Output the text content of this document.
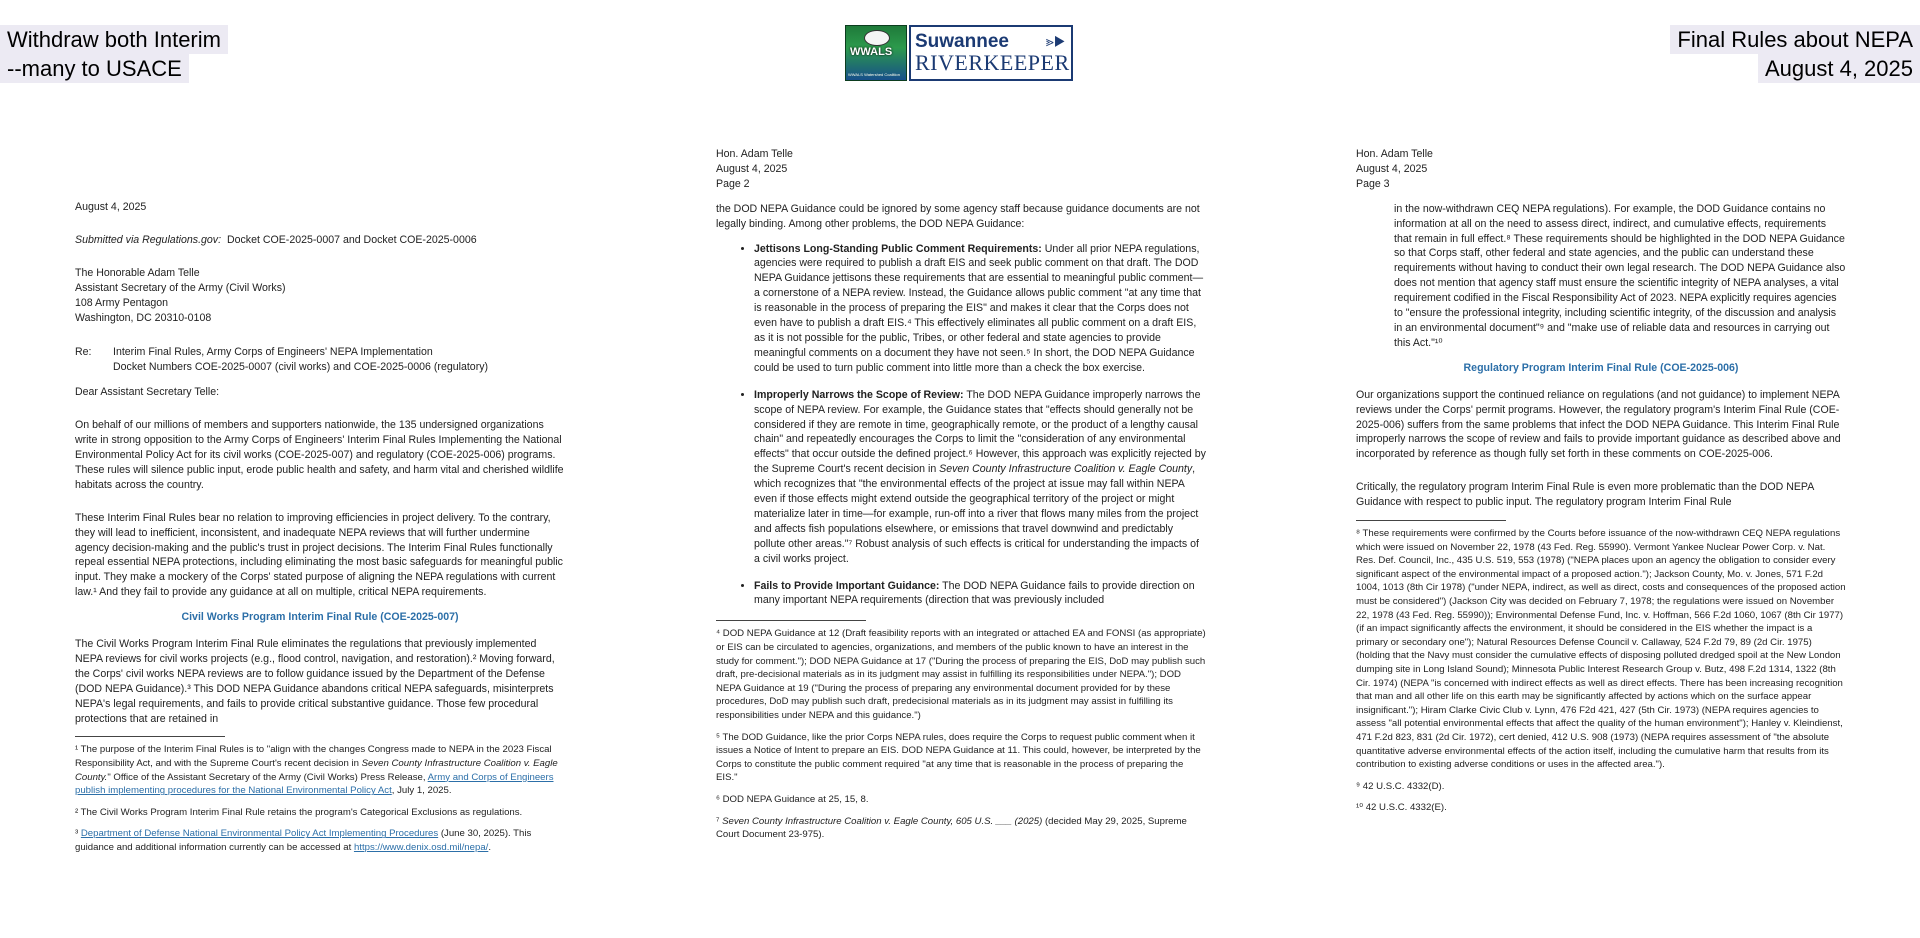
Withdraw both Interim
--many to USACE
Final Rules about NEPA
August 4, 2025
WWALS
WWALS Watershed Coalition
⪢▶
Suwannee
RIVERKEEPER

August 4, 2025

Submitted via Regulations.gov: Docket COE-2025-0007 and Docket COE-2025-0006

The Honorable Adam Telle
Assistant Secretary of the Army (Civil Works)
108 Army Pentagon
Washington, DC 20310-0108
Re:	Interim Final Rules, Army Corps of Engineers' NEPA Implementation
Docket Numbers COE-2025-0007 (civil works) and COE-2025-0006 (regulatory)

Dear Assistant Secretary Telle:

On behalf of our millions of members and supporters nationwide, the 135 undersigned organizations write in strong opposition to the Army Corps of Engineers' Interim Final Rules Implementing the National Environmental Policy Act for its civil works (COE-2025-007) and regulatory (COE-2025-006) programs. These rules will silence public input, erode public health and safety, and harm vital and cherished wildlife habitats across the country.

These Interim Final Rules bear no relation to improving efficiencies in project delivery. To the contrary, they will lead to inefficient, inconsistent, and inadequate NEPA reviews that will further undermine agency decision-making and the public's trust in project decisions. The Interim Final Rules functionally repeal essential NEPA protections, including eliminating the most basic safeguards for meaningful public input. They make a mockery of the Corps' stated purpose of aligning the NEPA regulations with current law.¹ And they fail to provide any guidance at all on multiple, critical NEPA requirements.

Civil Works Program Interim Final Rule (COE-2025-007)

The Civil Works Program Interim Final Rule eliminates the regulations that previously implemented NEPA reviews for civil works projects (e.g., flood control, navigation, and restoration).² Moving forward, the Corps' civil works NEPA reviews are to follow guidance issued by the Department of the Defense (DOD NEPA Guidance).³ This DOD NEPA Guidance abandons critical NEPA safeguards, misinterprets NEPA's legal requirements, and fails to provide critical substantive guidance. Those few procedural protections that are retained in

¹ The purpose of the Interim Final Rules is to "align with the changes Congress made to NEPA in the 2023 Fiscal Responsibility Act, and with the Supreme Court's recent decision in Seven County Infrastructure Coalition v. Eagle County." Office of the Assistant Secretary of the Army (Civil Works) Press Release, Army and Corps of Engineers publish implementing procedures for the National Environmental Policy Act, July 1, 2025.

² The Civil Works Program Interim Final Rule retains the program's Categorical Exclusions as regulations.

³ Department of Defense National Environmental Policy Act Implementing Procedures (June 30, 2025). This guidance and additional information currently can be accessed at https://www.denix.osd.mil/nepa/.

Hon. Adam Telle
August 4, 2025
Page 2

the DOD NEPA Guidance could be ignored by some agency staff because guidance documents are not legally binding. Among other problems, the DOD NEPA Guidance:

• Jettisons Long-Standing Public Comment Requirements: Under all prior NEPA regulations, agencies were required to publish a draft EIS and seek public comment on that draft. The DOD NEPA Guidance jettisons these requirements that are essential to meaningful public comment—a cornerstone of a NEPA review. Instead, the Guidance allows public comment "at any time that is reasonable in the process of preparing the EIS" and makes it clear that the Corps does not even have to publish a draft EIS.⁴ This effectively eliminates all public comment on a draft EIS, as it is not possible for the public, Tribes, or other federal and state agencies to provide meaningful comments on a document they have not seen.⁵ In short, the DOD NEPA Guidance could be used to turn public comment into little more than a check the box exercise.
• Improperly Narrows the Scope of Review: The DOD NEPA Guidance improperly narrows the scope of NEPA review. For example, the Guidance states that "effects should generally not be considered if they are remote in time, geographically remote, or the product of a lengthy causal chain" and repeatedly encourages the Corps to limit the "consideration of any environmental effects" that occur outside the defined project.⁶ However, this approach was explicitly rejected by the Supreme Court's recent decision in Seven County Infrastructure Coalition v. Eagle County, which recognizes that "the environmental effects of the project at issue may fall within NEPA even if those effects might extend outside the geographical territory of the project or might materialize later in time—for example, run-off into a river that flows many miles from the project and affects fish populations elsewhere, or emissions that travel downwind and predictably pollute other areas."⁷ Robust analysis of such effects is critical for understanding the impacts of a civil works project.
• Fails to Provide Important Guidance: The DOD NEPA Guidance fails to provide direction on many important NEPA requirements (direction that was previously included

⁴ DOD NEPA Guidance at 12 (Draft feasibility reports with an integrated or attached EA and FONSI (as appropriate) or EIS can be circulated to agencies, organizations, and members of the public known to have an interest in the study for comment."); DOD NEPA Guidance at 17 ("During the process of preparing the EIS, DoD may publish such draft, pre-decisional materials as in its judgment may assist in fulfilling its responsibilities under NEPA."); DOD NEPA Guidance at 19 ("During the process of preparing any environmental document provided for by these procedures, DoD may publish such draft, predecisional materials as in its judgment may assist in fulfilling its responsibilities under NEPA and this guidance.")

⁵ The DOD Guidance, like the prior Corps NEPA rules, does require the Corps to request public comment when it issues a Notice of Intent to prepare an EIS. DOD NEPA Guidance at 11. This could, however, be interpreted by the Corps to constitute the public comment required "at any time that is reasonable in the process of preparing the EIS."

⁶ DOD NEPA Guidance at 25, 15, 8.

⁷ Seven County Infrastructure Coalition v. Eagle County, 605 U.S. ___ (2025) (decided May 29, 2025, Supreme Court Document 23-975).

Hon. Adam Telle
August 4, 2025
Page 3

in the now-withdrawn CEQ NEPA regulations). For example, the DOD Guidance contains no information at all on the need to assess direct, indirect, and cumulative effects, requirements that remain in full effect.⁸ These requirements should be highlighted in the DOD NEPA Guidance so that Corps staff, other federal and state agencies, and the public can understand these requirements without having to conduct their own legal research. The DOD NEPA Guidance also does not mention that agency staff must ensure the scientific integrity of NEPA analyses, a vital requirement codified in the Fiscal Responsibility Act of 2023. NEPA explicitly requires agencies to "ensure the professional integrity, including scientific integrity, of the discussion and analysis in an environmental document"⁹ and "make use of reliable data and resources in carrying out this Act."¹⁰

Regulatory Program Interim Final Rule (COE-2025-006)

Our organizations support the continued reliance on regulations (and not guidance) to implement NEPA reviews under the Corps' permit programs. However, the regulatory program's Interim Final Rule (COE-2025-006) suffers from the same problems that infect the DOD NEPA Guidance. This Interim Final Rule improperly narrows the scope of review and fails to provide important guidance as described above and incorporated by reference as though fully set forth in these comments on COE-2025-006.

Critically, the regulatory program Interim Final Rule is even more problematic than the DOD NEPA Guidance with respect to public input. The regulatory program Interim Final Rule

⁸ These requirements were confirmed by the Courts before issuance of the now-withdrawn CEQ NEPA regulations which were issued on November 22, 1978 (43 Fed. Reg. 55990). Vermont Yankee Nuclear Power Corp. v. Nat. Res. Def. Council, Inc., 435 U.S. 519, 553 (1978) ("NEPA places upon an agency the obligation to consider every significant aspect of the environmental impact of a proposed action."); Jackson County, Mo. v. Jones, 571 F.2d 1004, 1013 (8th Cir 1978) ("under NEPA, indirect, as well as direct, costs and consequences of the proposed action must be considered") (Jackson City was decided on February 7, 1978; the regulations were issued on November 22, 1978 (43 Fed. Reg. 55990)); Environmental Defense Fund, Inc. v. Hoffman, 566 F.2d 1060, 1067 (8th Cir 1977) (if an impact significantly affects the environment, it should be considered in the EIS whether the impact is a primary or secondary one"); Natural Resources Defense Council v. Callaway, 524 F.2d 79, 89 (2d Cir. 1975) (holding that the Navy must consider the cumulative effects of disposing polluted dredged spoil at the New London dumping site in Long Island Sound); Minnesota Public Interest Research Group v. Butz, 498 F.2d 1314, 1322 (8th Cir. 1974) (NEPA "is concerned with indirect effects as well as direct effects. There has been increasing recognition that man and all other life on this earth may be significantly affected by actions which on the surface appear insignificant."); Hiram Clarke Civic Club v. Lynn, 476 F2d 421, 427 (5th Cir. 1973) (NEPA requires agencies to assess "all potential environmental effects that affect the quality of the human environment"); Hanley v. Kleindienst, 471 F.2d 823, 831 (2d Cir. 1972), cert denied, 412 U.S. 908 (1973) (NEPA requires assessment of "the absolute quantitative adverse environmental effects of the action itself, including the cumulative harm that results from its contribution to existing adverse conditions or uses in the affected area.").

⁹ 42 U.S.C. 4332(D).

¹⁰ 42 U.S.C. 4332(E).
